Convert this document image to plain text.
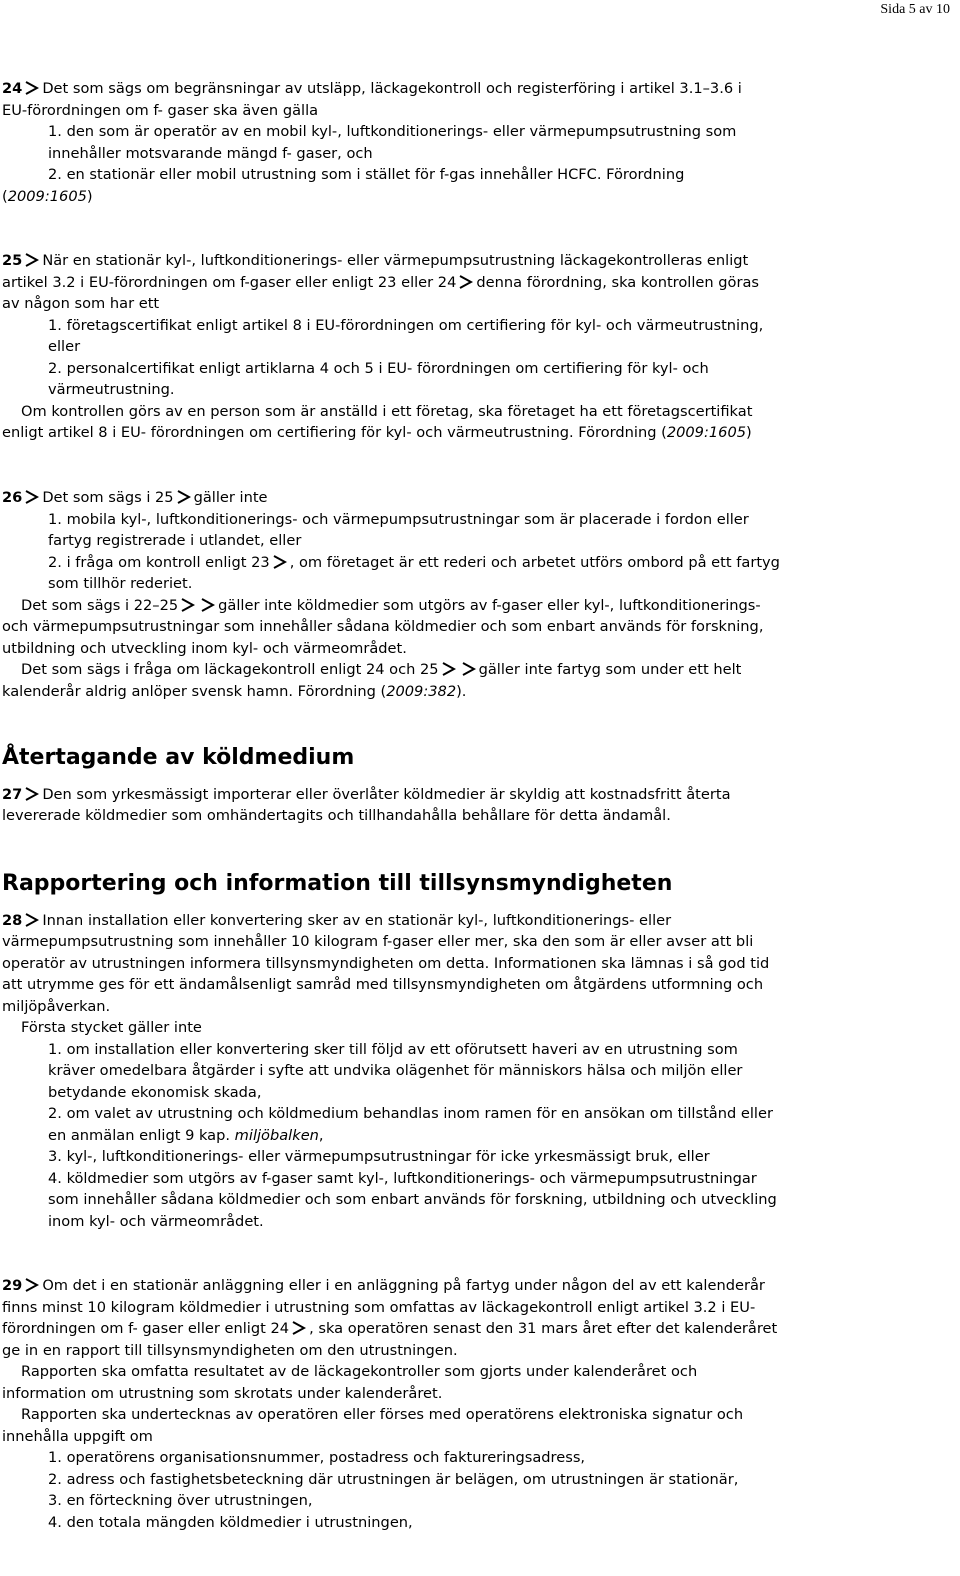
Sida 5 av 10
24 Det som sägs om begränsningar av utsläpp, läckagekontroll och registerföring i artikel 3.1–3.6 i
EU-förordningen om f- gaser ska även gälla
1. den som är operatör av en mobil kyl-, luftkonditionerings- eller värmepumpsutrustning som
innehåller motsvarande mängd f- gaser, och
2. en stationär eller mobil utrustning som i stället för f-gas innehåller HCFC. Förordning
(2009:1605)
25 När en stationär kyl-, luftkonditionerings- eller värmepumpsutrustning läckagekontrolleras enligt
artikel 3.2 i EU-förordningen om f-gaser eller enligt 23 eller 24 denna förordning, ska kontrollen göras
av någon som har ett
1. företagscertifikat enligt artikel 8 i EU-förordningen om certifiering för kyl- och värmeutrustning,
eller
2. personalcertifikat enligt artiklarna 4 och 5 i EU- förordningen om certifiering för kyl- och
värmeutrustning.
Om kontrollen görs av en person som är anställd i ett företag, ska företaget ha ett företagscertifikat
enligt artikel 8 i EU- förordningen om certifiering för kyl- och värmeutrustning. Förordning (2009:1605)
26 Det som sägs i 25 gäller inte
1. mobila kyl-, luftkonditionerings- och värmepumpsutrustningar som är placerade i fordon eller
fartyg registrerade i utlandet, eller
2. i fråga om kontroll enligt 23 , om företaget är ett rederi och arbetet utförs ombord på ett fartyg
som tillhör rederiet.
Det som sägs i 22–25	gäller inte köldmedier som utgörs av f-gaser eller kyl-, luftkonditionerings-
och värmepumpsutrustningar som innehåller sådana köldmedier och som enbart används för forskning,
utbildning och utveckling inom kyl- och värmeområdet.
Det som sägs i fråga om läckagekontroll enligt 24 och 25	gäller inte fartyg som under ett helt
kalenderår aldrig anlöper svensk hamn. Förordning (2009:382).
Återtagande av köldmedium
27 Den som yrkesmässigt importerar eller överlåter köldmedier är skyldig att kostnadsfritt återta
levererade köldmedier som omhändertagits och tillhandahålla behållare för detta ändamål.
Rapportering och information till tillsynsmyndigheten
28 Innan installation eller konvertering sker av en stationär kyl-, luftkonditionerings- eller
värmepumpsutrustning som innehåller 10 kilogram f-gaser eller mer, ska den som är eller avser att bli
operatör av utrustningen informera tillsynsmyndigheten om detta. Informationen ska lämnas i så god tid
att utrymme ges för ett ändamålsenligt samråd med tillsynsmyndigheten om åtgärdens utformning och
miljöpåverkan.
Första stycket gäller inte
1. om installation eller konvertering sker till följd av ett oförutsett haveri av en utrustning som
kräver omedelbara åtgärder i syfte att undvika olägenhet för människors hälsa och miljön eller
betydande ekonomisk skada,
2. om valet av utrustning och köldmedium behandlas inom ramen för en ansökan om tillstånd eller
en anmälan enligt 9 kap. miljöbalken,
3. kyl-, luftkonditionerings- eller värmepumpsutrustningar för icke yrkesmässigt bruk, eller
4. köldmedier som utgörs av f-gaser samt kyl-, luftkonditionerings- och värmepumpsutrustningar
som innehåller sådana köldmedier och som enbart används för forskning, utbildning och utveckling
inom kyl- och värmeområdet.
29 Om det i en stationär anläggning eller i en anläggning på fartyg under någon del av ett kalenderår
finns minst 10 kilogram köldmedier i utrustning som omfattas av läckagekontroll enligt artikel 3.2 i EU-
förordningen om f- gaser eller enligt 24 , ska operatören senast den 31 mars året efter det kalenderåret
ge in en rapport till tillsynsmyndigheten om den utrustningen.
Rapporten ska omfatta resultatet av de läckagekontroller som gjorts under kalenderåret och
information om utrustning som skrotats under kalenderåret.
Rapporten ska undertecknas av operatören eller förses med operatörens elektroniska signatur och
innehålla uppgift om
1. operatörens organisationsnummer, postadress och faktureringsadress,
2. adress och fastighetsbeteckning där utrustningen är belägen, om utrustningen är stationär,
3. en förteckning över utrustningen,
4. den totala mängden köldmedier i utrustningen,
